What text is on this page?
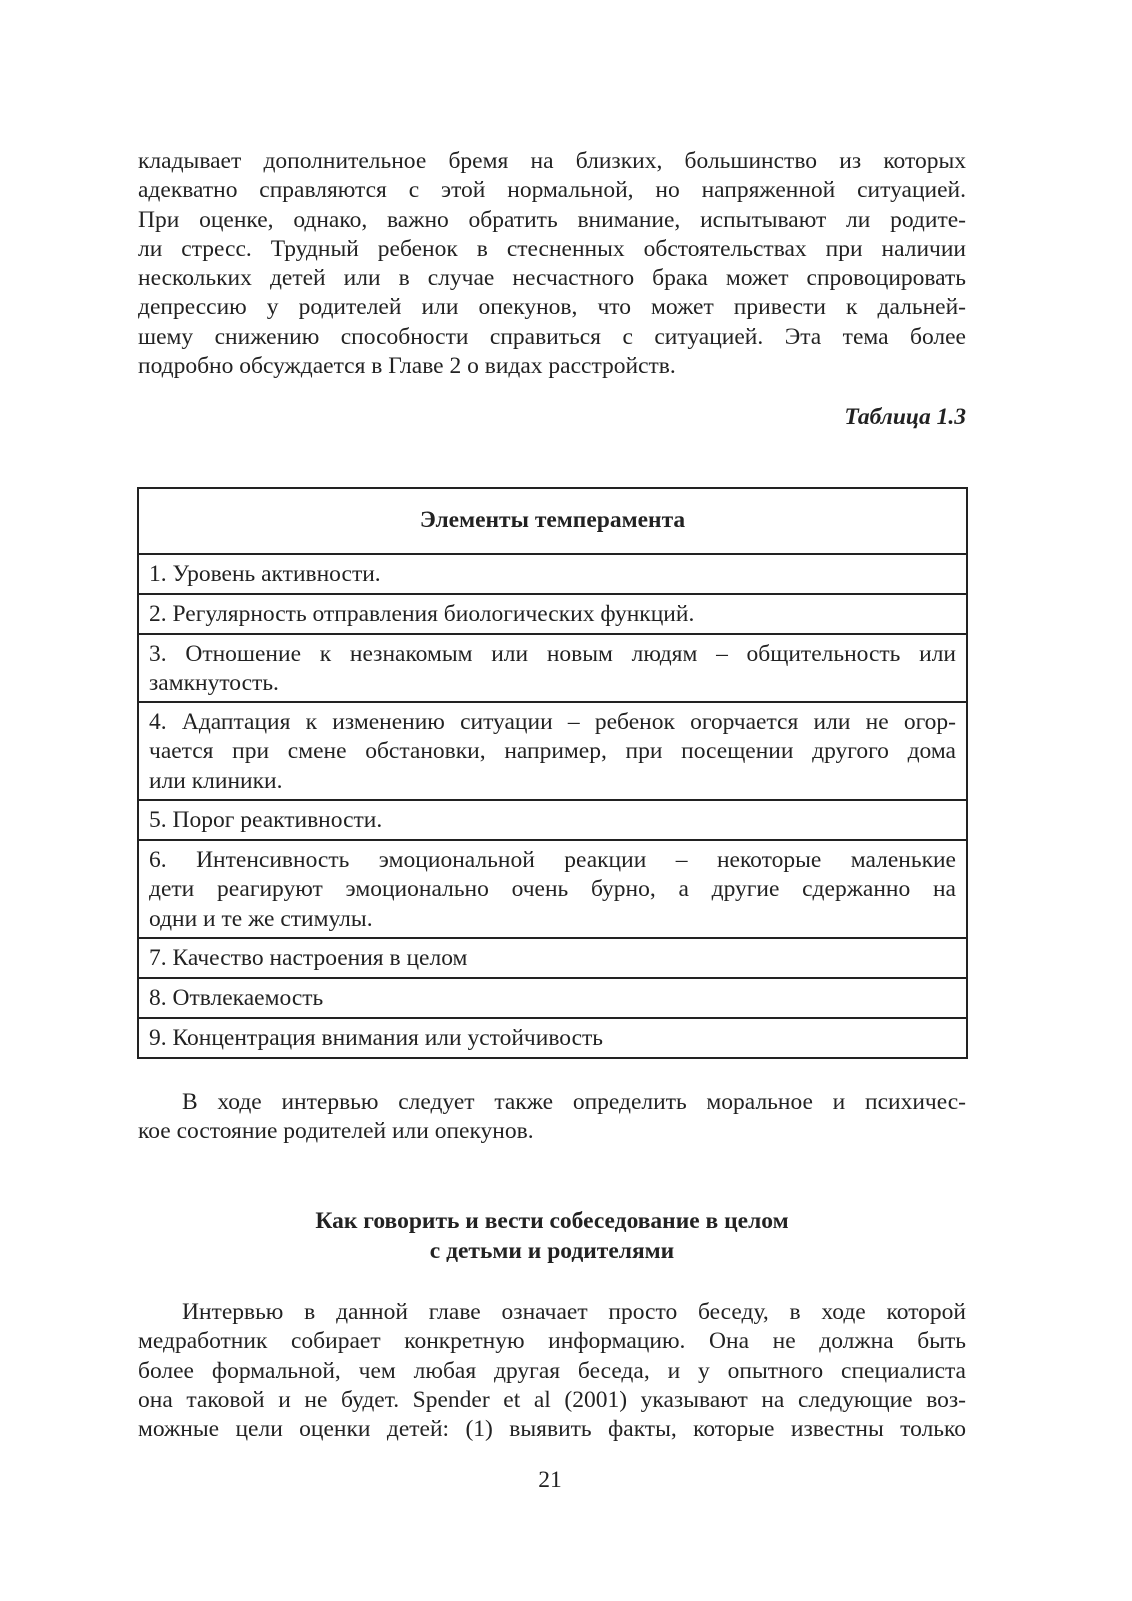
кладывает дополнительное бремя на близких, большинство из которых
адекватно справляются с этой нормальной, но напряженной ситуацией.
При оценке, однако, важно обратить внимание, испытывают ли родите-
ли стресс. Трудный ребенок в стесненных обстоятельствах при наличии
нескольких детей или в случае несчастного брака может спровоцировать
депрессию у родителей или опекунов, что может привести к дальней-
шему снижению способности справиться с ситуацией. Эта тема более
подробно обсуждается в Главе 2 о видах расстройств.
Таблица 1.3
Элементы темперамента
1. Уровень активности.
2. Регулярность отправления биологических функций.
3. Отношение к незнакомым или новым людям – общительность или
замкнутость.
4. Адаптация к изменению ситуации – ребенок огорчается или не огор-
чается при смене обстановки, например, при посещении другого дома
или клиники.
5. Порог реактивности.
6. Интенсивность эмоциональной реакции – некоторые маленькие
дети реагируют эмоционально очень бурно, а другие сдержанно на
одни и те же стимулы.
7. Качество настроения в целом
8. Отвлекаемость
9. Концентрация внимания или устойчивость
В ходе интервью следует также определить моральное и психичес-
кое состояние родителей или опекунов.
Как говорить и вести собеседование в целом
с детьми и родителями
Интервью в данной главе означает просто беседу, в ходе которой
медработник собирает конкретную информацию. Она не должна быть
более формальной, чем любая другая беседа, и у опытного специалиста
она таковой и не будет. Spender et al (2001) указывают на следующие воз-
можные цели оценки детей: (1) выявить факты, которые известны только
21
